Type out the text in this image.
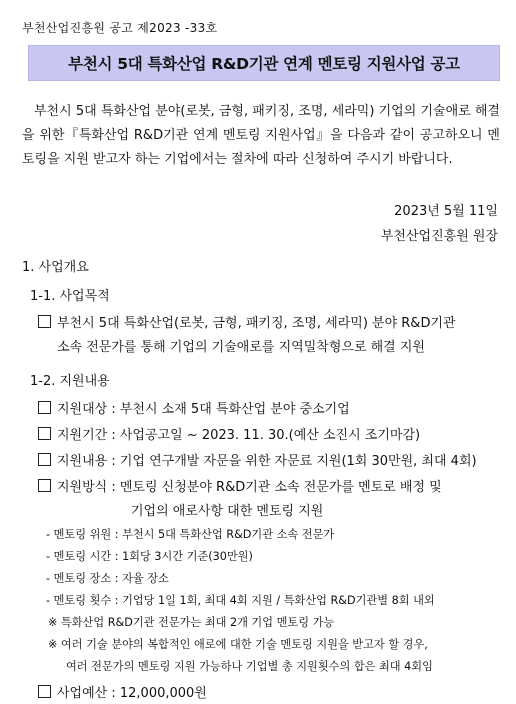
부천산업진흥원 공고 제2023 -33호
부천시 5대 특화산업 R&D기관 연계 멘토링 지원사업 공고

부천시 5대 특화산업 분야(로봇, 금형, 패키징, 조명, 세라믹) 기업의 기술애로 해결을 위한『특화산업 R&D기관 연계 멘토링 지원사업』을 다음과 같이 공고하오니 멘토링을 지원 받고자 하는 기업에서는 절차에 따라 신청하여 주시기 바랍니다.

2023년 5월 11일
부천산업진흥원 원장
1. 사업개요
1-1. 사업목적
부천시 5대 특화산업(로봇, 금형, 패키징, 조명, 세라믹) 분야 R&D기관
소속 전문가를 통해 기업의 기술애로를 지역밀착형으로 해결 지원
1-2. 지원내용
지원대상 : 부천시 소재 5대 특화산업 분야 중소기업
지원기간 : 사업공고일 ~ 2023. 11. 30.(예산 소진시 조기마감)
지원내용 : 기업 연구개발 자문을 위한 자문료 지원(1회 30만원, 최대 4회)
지원방식 : 멘토링 신청분야 R&D기관 소속 전문가를 멘토로 배정 및
기업의 애로사항 대한 멘토링 지원
- 멘토링 위원 : 부천시 5대 특화산업 R&D기관 소속 전문가
- 멘토링 시간 : 1회당 3시간 기준(30만원)
- 멘토링 장소 : 자율 장소
- 멘토링 횟수 : 기업당 1일 1회, 최대 4회 지원 / 특화산업 R&D기관별 8회 내외
※ 특화산업 R&D기관 전문가는 최대 2개 기업 멘토링 가능
※ 여러 기술 분야의 복합적인 애로에 대한 기술 멘토링 지원을 받고자 할 경우,
여러 전문가의 멘토링 지원 가능하나 기업별 총 지원횟수의 합은 최대 4회임
사업예산 : 12,000,000원
